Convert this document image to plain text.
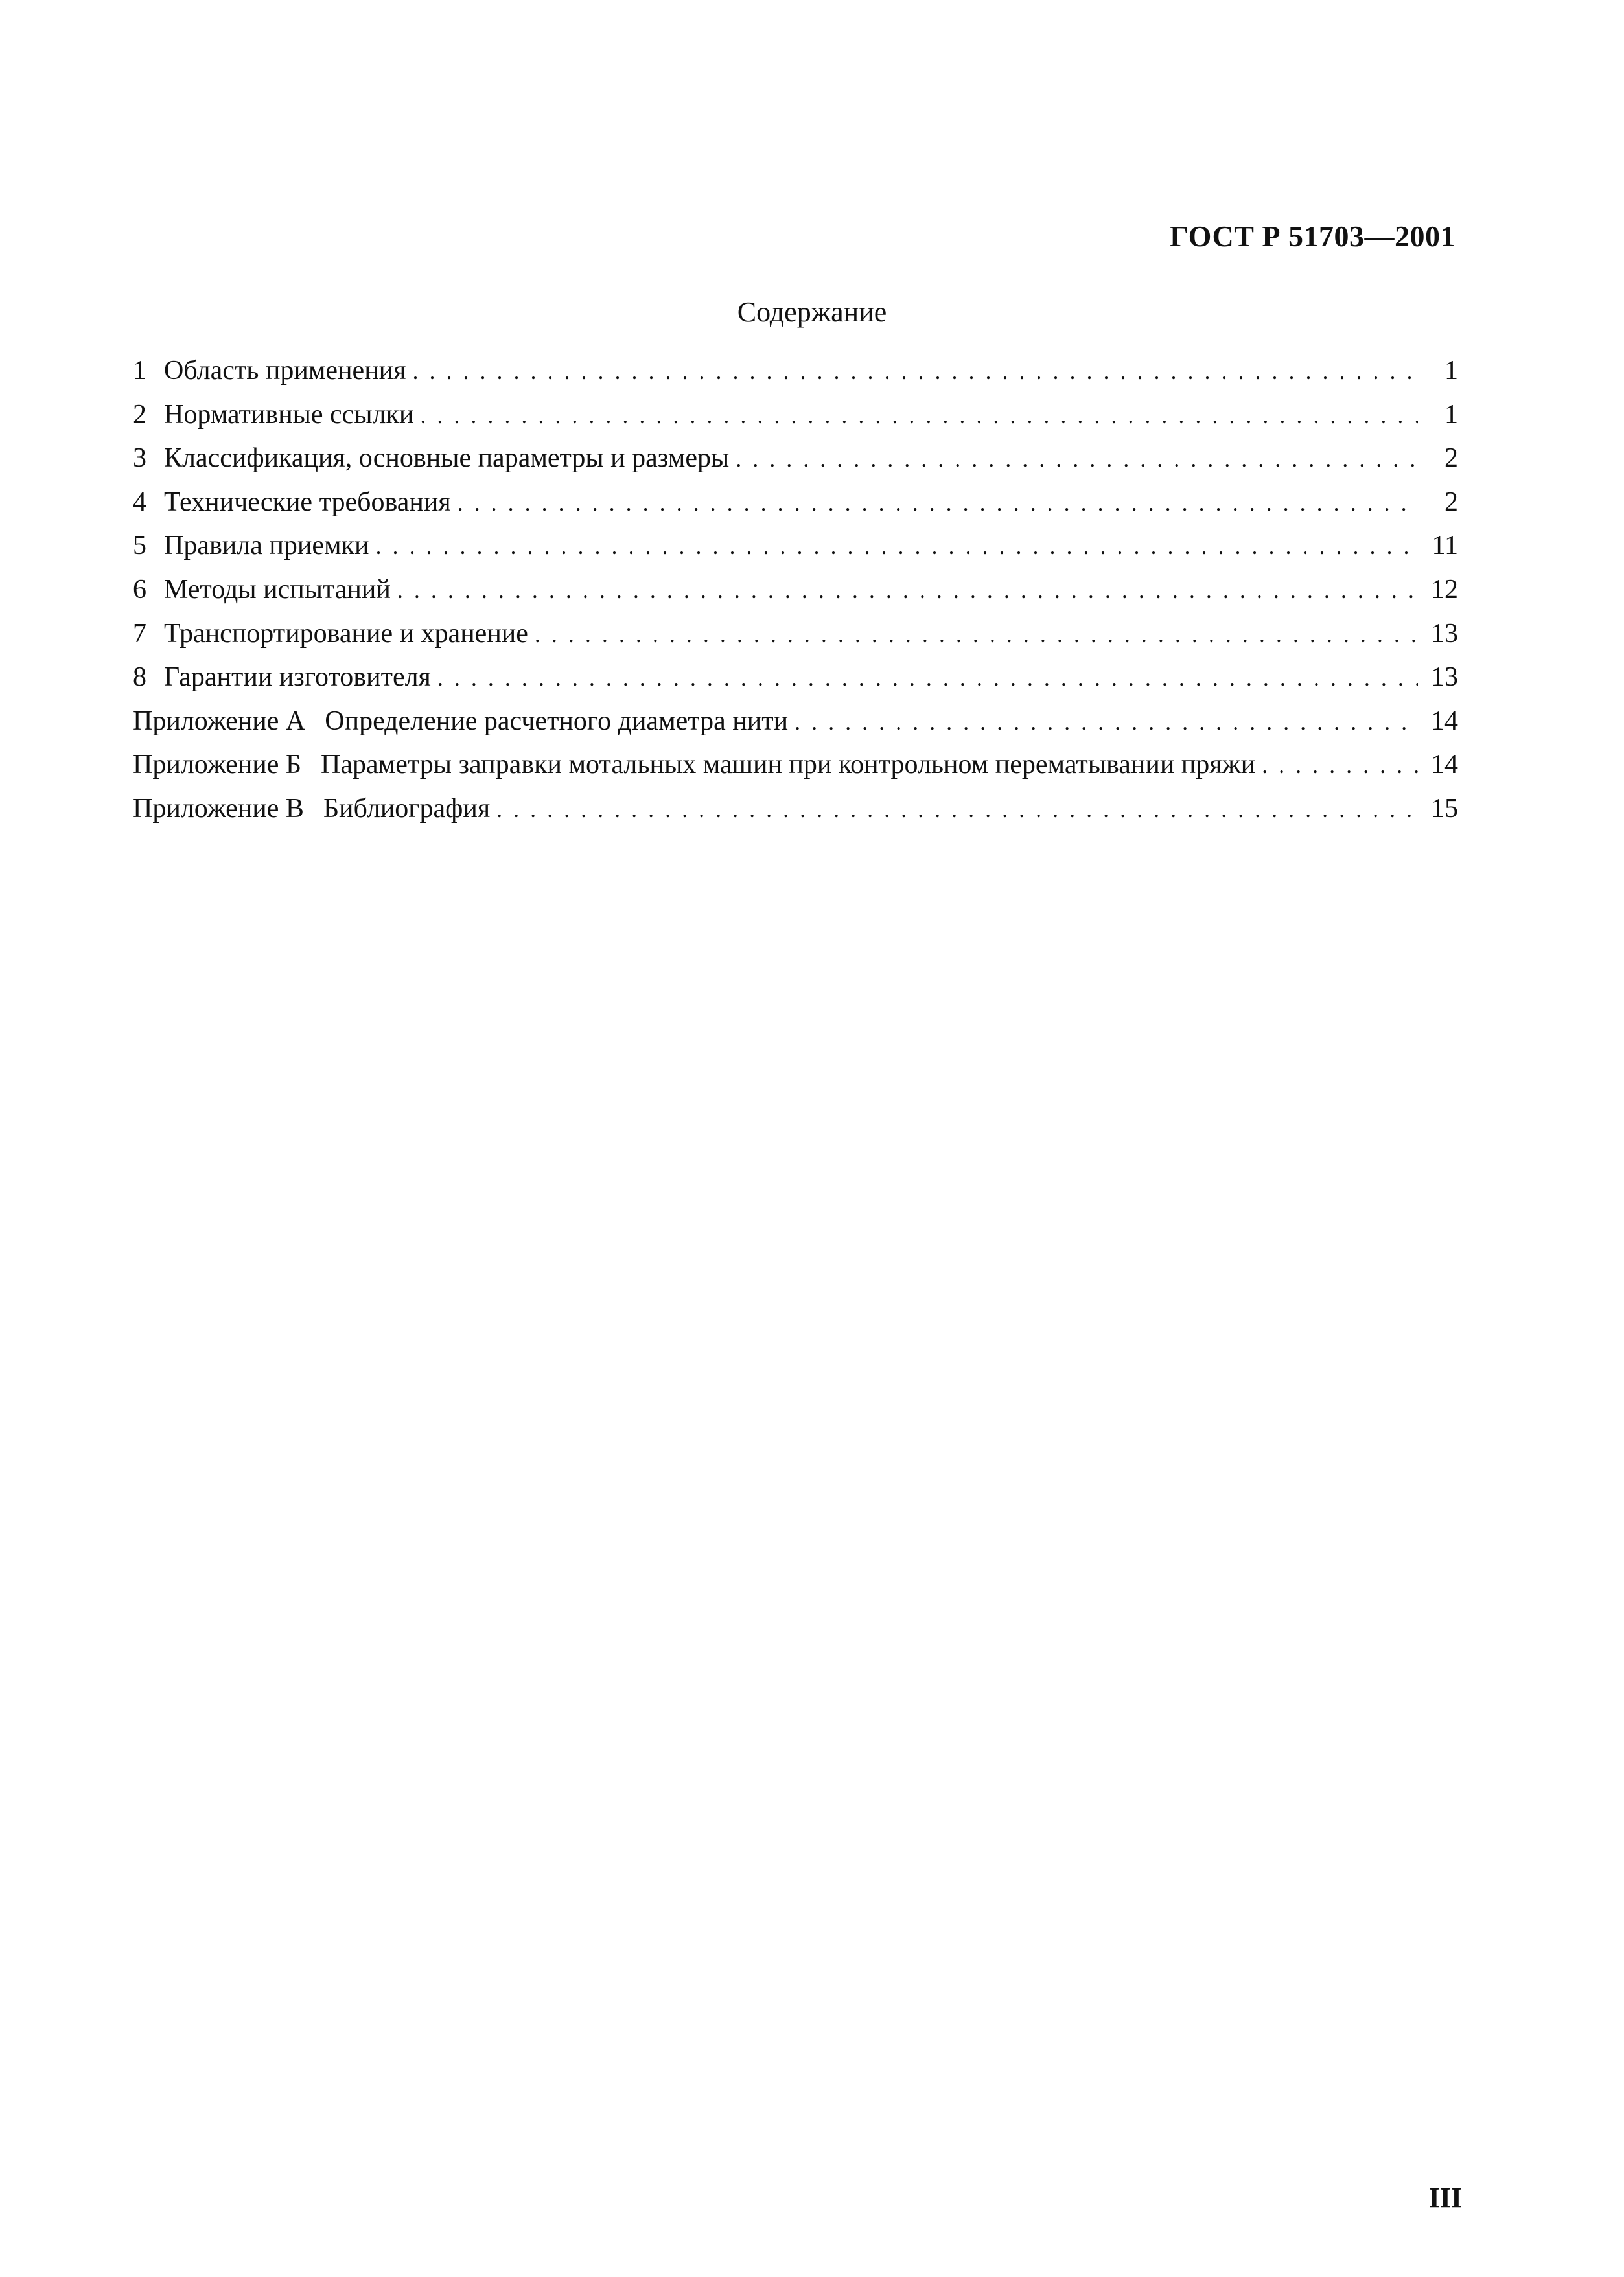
ГОСТ Р 51703—2001
Содержание
1 Область применения . . .	1
2 Нормативные ссылки . . .	1
3 Классификация, основные параметры и размеры . . .	2
4 Технические требования . . .	2
5 Правила приемки . . .	11
6 Методы испытаний . . .	12
7 Транспортирование и хранение . . .	13
8 Гарантии изготовителя . . .	13
Приложение А Определение расчетного диаметра нити . . .	14
Приложение Б Параметры заправки мотальных машин при контрольном перематывании пряжи . . .	14
Приложение В Библиография . . .	15
III
